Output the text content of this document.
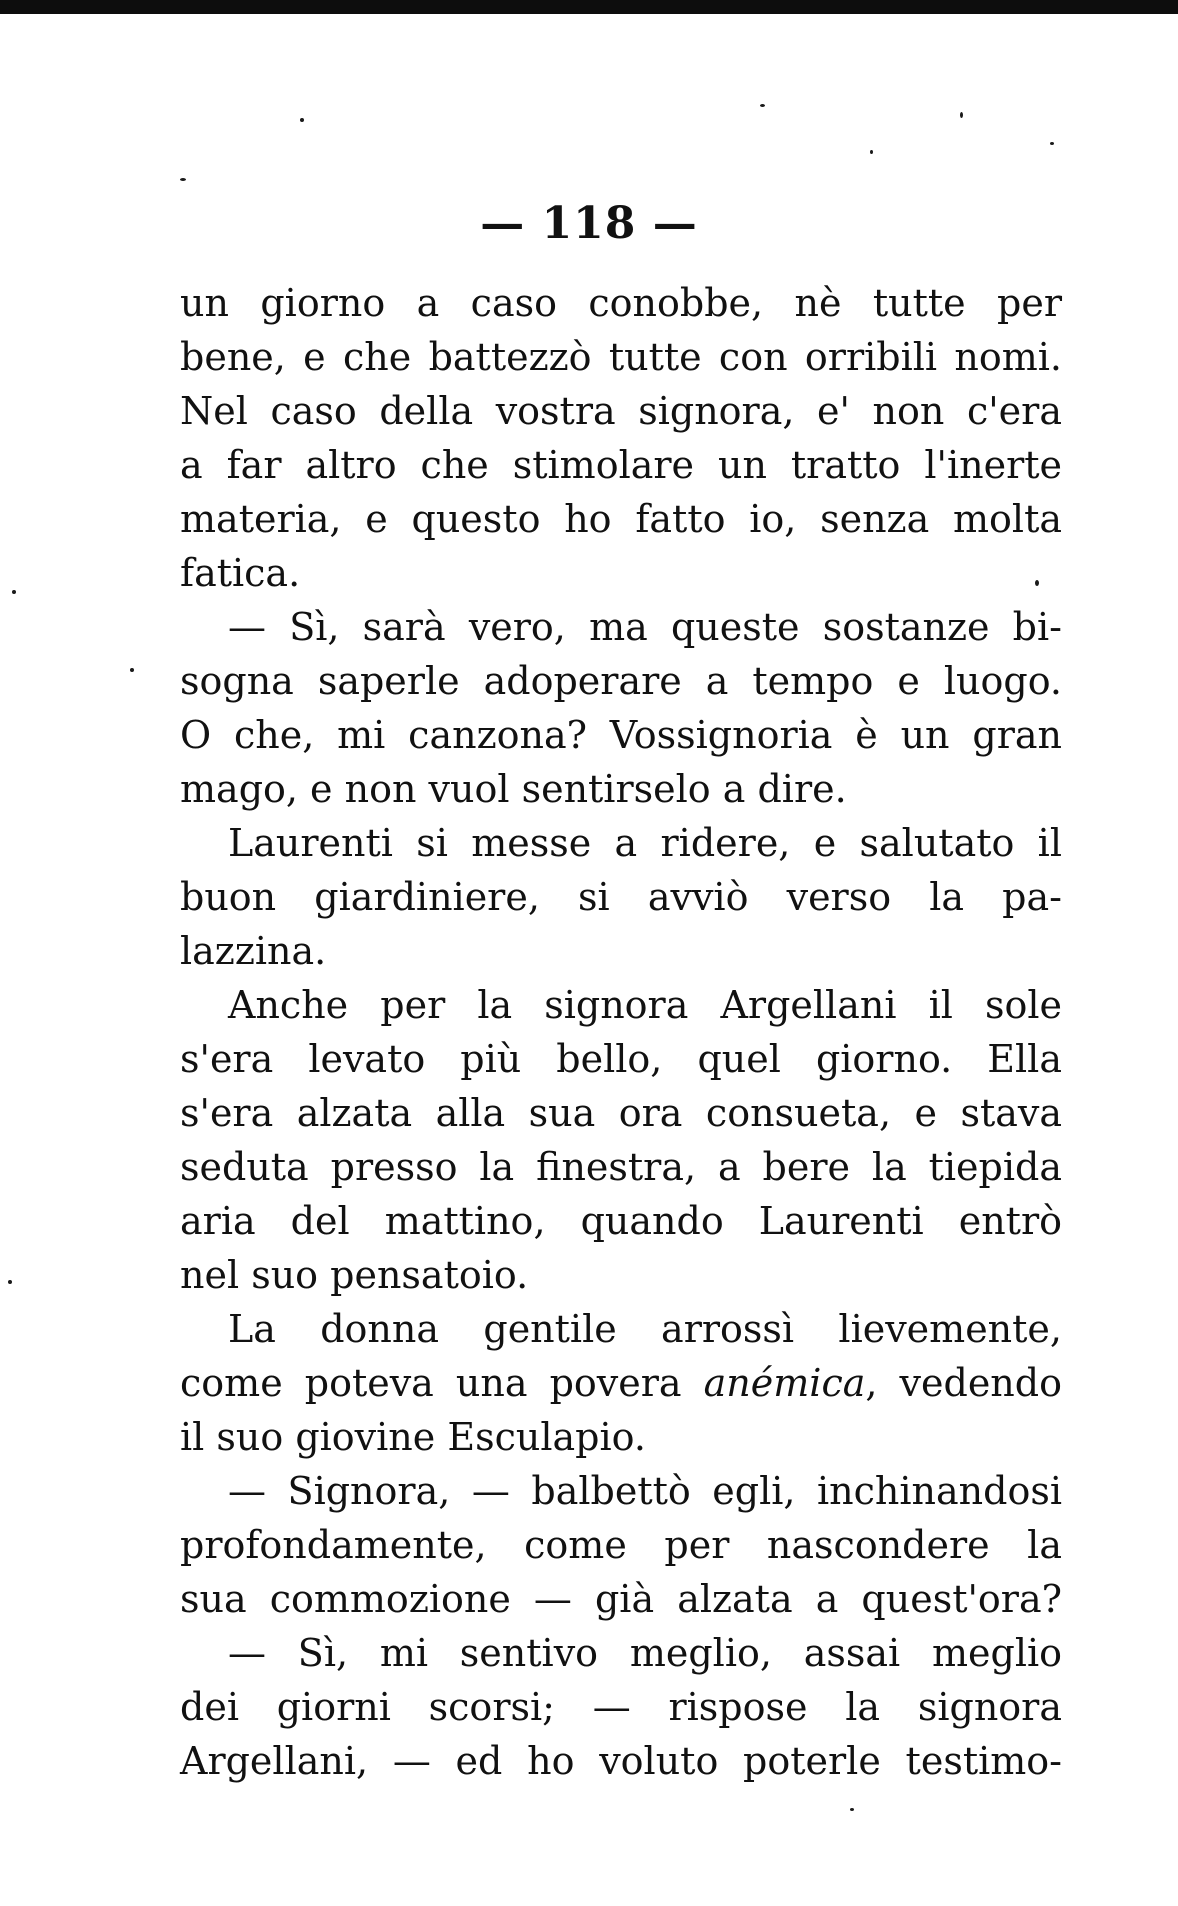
— 118 —
un giorno a caso conobbe, nè tutte per
bene, e che battezzò tutte con orribili nomi.
Nel caso della vostra signora, e' non c'era
a far altro che stimolare un tratto l'inerte
materia, e questo ho fatto io, senza molta
fatica.
— Sì, sarà vero, ma queste sostanze bi-
sogna saperle adoperare a tempo e luogo.
O che, mi canzona? Vossignoria è un gran
mago, e non vuol sentirselo a dire.
Laurenti si messe a ridere, e salutato il
buon giardiniere, si avviò verso la pa-
lazzina.
Anche per la signora Argellani il sole
s'era levato più bello, quel giorno. Ella
s'era alzata alla sua ora consueta, e stava
seduta presso la finestra, a bere la tiepida
aria del mattino, quando Laurenti entrò
nel suo pensatoio.
La donna gentile arrossì lievemente,
come poteva una povera anémica, vedendo
il suo giovine Esculapio.
— Signora, — balbettò egli, inchinandosi
profondamente, come per nascondere la
sua commozione — già alzata a quest'ora?
— Sì, mi sentivo meglio, assai meglio
dei giorni scorsi; — rispose la signora
Argellani, — ed ho voluto poterle testimo-
